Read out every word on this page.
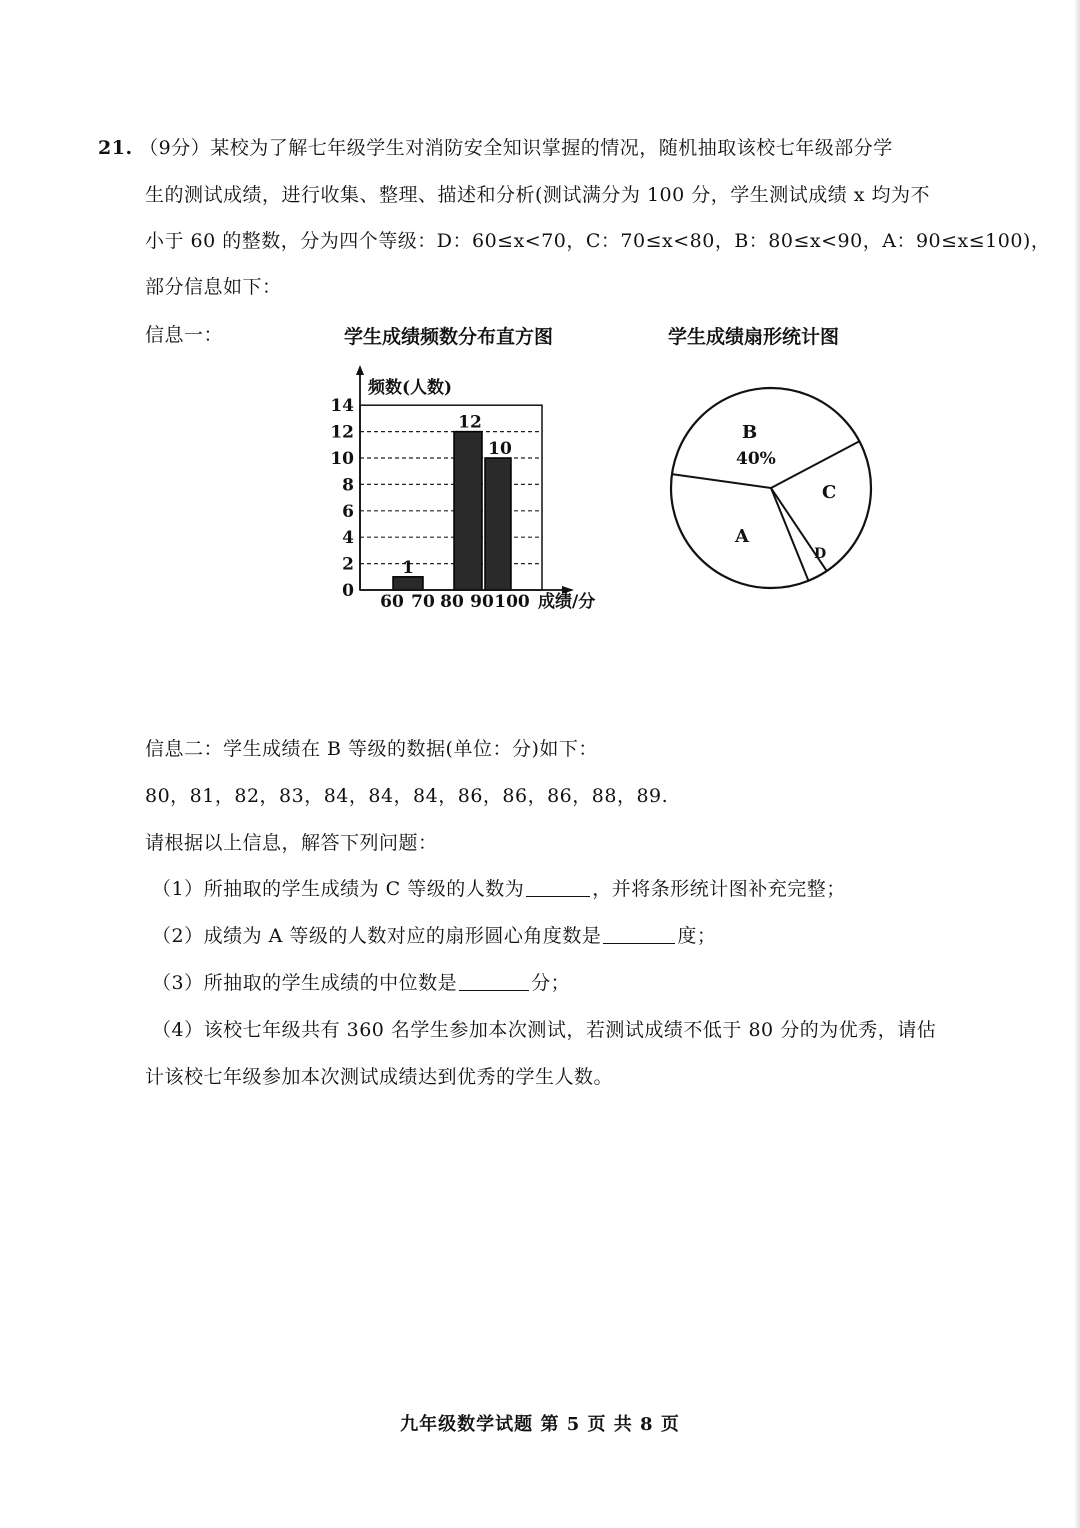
21. （9分）某校为了解七年级学生对消防安全知识掌握的情况，随机抽取该校七年级部分学
生的测试成绩，进行收集、整理、描述和分析(测试满分为 100 分，学生测试成绩 x 均为不
小于 60 的整数，分为四个等级：D：60≤x<70，C：70≤x<80，B：80≤x<90，A：90≤x≤100)，
部分信息如下：
信息一：	学生成绩频数分布直方图	学生成绩扇形统计图
0
2
4
6
8
10
12
14
60 70 80 90 100
频数(人数)
成绩/分
1
12
10
B
40%
C
A
D
信息二：学生成绩在 B 等级的数据(单位：分)如下：
80，81，82，83，84，84，84，86，86，86，88，89.
请根据以上信息，解答下列问题：
（1）所抽取的学生成绩为 C 等级的人数为	，并将条形统计图补充完整；
（2）成绩为 A 等级的人数对应的扇形圆心角度数是	度；
（3）所抽取的学生成绩的中位数是	分；
（4）该校七年级共有 360 名学生参加本次测试，若测试成绩不低于 80 分的为优秀，请估
计该校七年级参加本次测试成绩达到优秀的学生人数。
九年级数学试题 第 5 页 共 8 页
